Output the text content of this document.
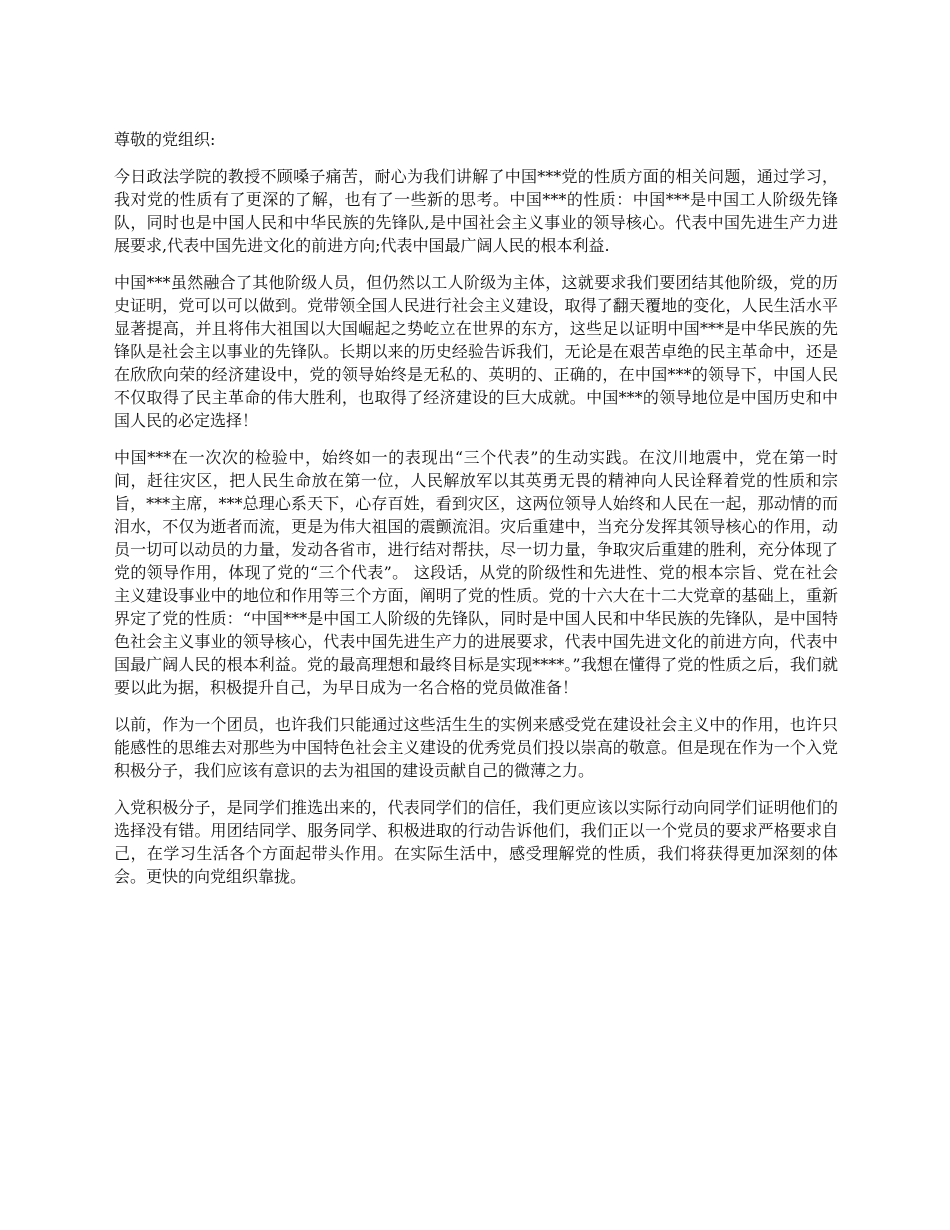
尊敬的党组织:

今日政法学院的教授不顾嗓子痛苦，耐心为我们讲解了中国***党的性质方面的相关问题，通过学习，我对党的性质有了更深的了解，也有了一些新的思考。中国***的性质：中国***是中国工人阶级先锋队，同时也是中国人民和中华民族的先锋队,是中国社会主义事业的领导核心。代表中国先进生产力进展要求,代表中国先进文化的前进方向;代表中国最广阔人民的根本利益.

中国***虽然融合了其他阶级人员，但仍然以工人阶级为主体，这就要求我们要团结其他阶级，党的历史证明，党可以可以做到。党带领全国人民进行社会主义建设，取得了翻天覆地的变化，人民生活水平显著提高，并且将伟大祖国以大国崛起之势屹立在世界的东方，这些足以证明中国***是中华民族的先锋队是社会主以事业的先锋队。长期以来的历史经验告诉我们，无论是在艰苦卓绝的民主革命中，还是在欣欣向荣的经济建设中，党的领导始终是无私的、英明的、正确的，在中国***的领导下，中国人民不仅取得了民主革命的伟大胜利，也取得了经济建设的巨大成就。中国***的领导地位是中国历史和中国人民的必定选择！

中国***在一次次的检验中，始终如一的表现出“三个代表”的生动实践。在汶川地震中，党在第一时间，赶往灾区，把人民生命放在第一位，人民解放军以其英勇无畏的精神向人民诠释着党的性质和宗旨，***主席，***总理心系天下，心存百姓，看到灾区，这两位领导人始终和人民在一起，那动情的而泪水，不仅为逝者而流，更是为伟大祖国的震颤流泪。灾后重建中，当充分发挥其领导核心的作用，动员一切可以动员的力量，发动各省市，进行结对帮扶，尽一切力量，争取灾后重建的胜利，充分体现了党的领导作用，体现了党的“三个代表”。 这段话，从党的阶级性和先进性、党的根本宗旨、党在社会主义建设事业中的地位和作用等三个方面，阐明了党的性质。党的十六大在十二大党章的基础上，重新界定了党的性质：“中国***是中国工人阶级的先锋队，同时是中国人民和中华民族的先锋队，是中国特色社会主义事业的领导核心，代表中国先进生产力的进展要求，代表中国先进文化的前进方向，代表中国最广阔人民的根本利益。党的最高理想和最终目标是实现****。”我想在懂得了党的性质之后，我们就要以此为据，积极提升自己，为早日成为一名合格的党员做准备！

以前，作为一个团员，也许我们只能通过这些活生生的实例来感受党在建设社会主义中的作用，也许只能感性的思维去对那些为中国特色社会主义建设的优秀党员们投以崇高的敬意。但是现在作为一个入党积极分子，我们应该有意识的去为祖国的建设贡献自己的微薄之力。

入党积极分子，是同学们推选出来的，代表同学们的信任，我们更应该以实际行动向同学们证明他们的选择没有错。用团结同学、服务同学、积极进取的行动告诉他们，我们正以一个党员的要求严格要求自己，在学习生活各个方面起带头作用。在实际生活中，感受理解党的性质，我们将获得更加深刻的体会。更快的向党组织靠拢。
